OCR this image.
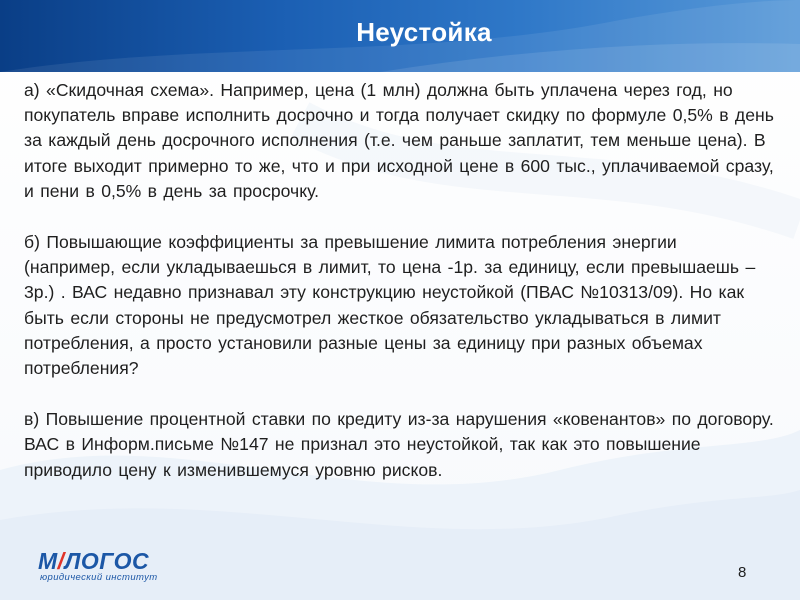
Неустойка

а) «Скидочная схема». Например, цена (1 млн) должна быть уплачена через год, но покупатель вправе исполнить досрочно и тогда получает скидку по формуле 0,5% в день за каждый день досрочного исполнения (т.е. чем раньше заплатит, тем меньше цена). В итоге выходит примерно то же, что и при исходной цене в 600 тыс., уплачиваемой сразу, и пени в 0,5% в день за просрочку.

б) Повышающие коэффициенты за превышение лимита потребления энергии (например, если укладываешься в лимит, то цена -1р. за единицу, если превышаешь – 3р.) . ВАС недавно признавал эту конструкцию неустойкой (ПВАС №10313/09). Но как быть если стороны не предусмотрел жесткое обязательство укладываться в лимит потребления, а просто установили разные цены за единицу при разных объемах потребления?

в) Повышение процентной ставки по кредиту из-за нарушения «ковенантов» по договору. ВАС в Информ.письме №147 не признал это неустойкой, так как это повышение приводило цену к изменившемуся уровню рисков.

М/ЛОГОС
юридический институт	8
